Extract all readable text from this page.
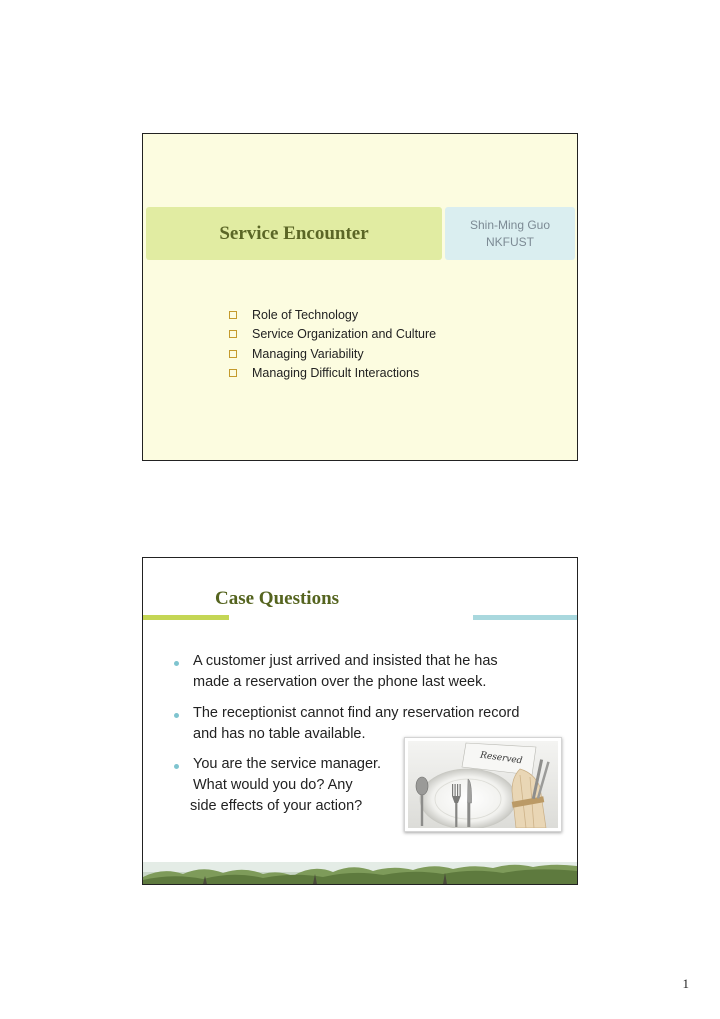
Service Encounter	Shin-Ming Guo
NKFUST
Role of Technology
Service Organization and Culture
Managing Variability
Managing Difficult Interactions
Case Questions
A customer just arrived and insisted that he has
made a reservation over the phone last week.
The receptionist cannot find any reservation record
and has no table available.
You are the service manager.
What would you do? Any
side effects of your action?
Reserved
1
